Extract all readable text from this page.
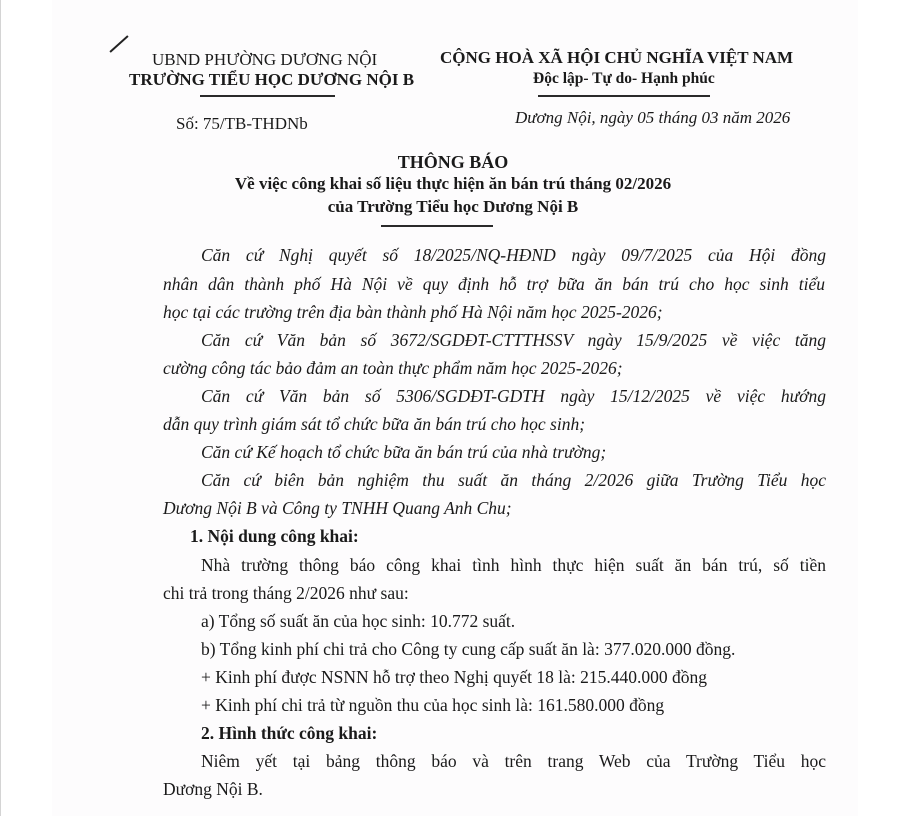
UBND PHƯỜNG DƯƠNG NỘI
TRƯỜNG TIỂU HỌC DƯƠNG NỘI B
CỘNG HOÀ XÃ HỘI CHỦ NGHĨA VIỆT NAM
Độc lập- Tự do- Hạnh phúc
Số: 75/TB-THDNb	Dương Nội, ngày 05 tháng 03 năm 2026
THÔNG BÁO
Về việc công khai số liệu thực hiện ăn bán trú tháng 02/2026
của Trường Tiểu học Dương Nội B
Căn cứ Nghị quyết số 18/2025/NQ-HĐND ngày 09/7/2025 của Hội đồng
nhân dân thành phố Hà Nội về quy định hỗ trợ bữa ăn bán trú cho học sinh tiểu
học tại các trường trên địa bàn thành phố Hà Nội năm học 2025-2026;
Căn cứ Văn bản số 3672/SGDĐT-CTTTHSSV ngày 15/9/2025 về việc tăng
cường công tác bảo đảm an toàn thực phẩm năm học 2025-2026;
Căn cứ Văn bản số 5306/SGDĐT-GDTH ngày 15/12/2025 về việc hướng
dẫn quy trình giám sát tổ chức bữa ăn bán trú cho học sinh;
Căn cứ Kế hoạch tổ chức bữa ăn bán trú của nhà trường;
Căn cứ biên bản nghiệm thu suất ăn tháng 2/2026 giữa Trường Tiểu học
Dương Nội B và Công ty TNHH Quang Anh Chu;
1. Nội dung công khai:
Nhà trường thông báo công khai tình hình thực hiện suất ăn bán trú, số tiền
chi trả trong tháng 2/2026 như sau:
a) Tổng số suất ăn của học sinh: 10.772 suất.
b) Tổng kinh phí chi trả cho Công ty cung cấp suất ăn là: 377.020.000 đồng.
+ Kinh phí được NSNN hỗ trợ theo Nghị quyết 18 là: 215.440.000 đồng
+ Kinh phí chi trả từ nguồn thu của học sinh là: 161.580.000 đồng
2. Hình thức công khai:
Niêm yết tại bảng thông báo và trên trang Web của Trường Tiểu học
Dương Nội B.
